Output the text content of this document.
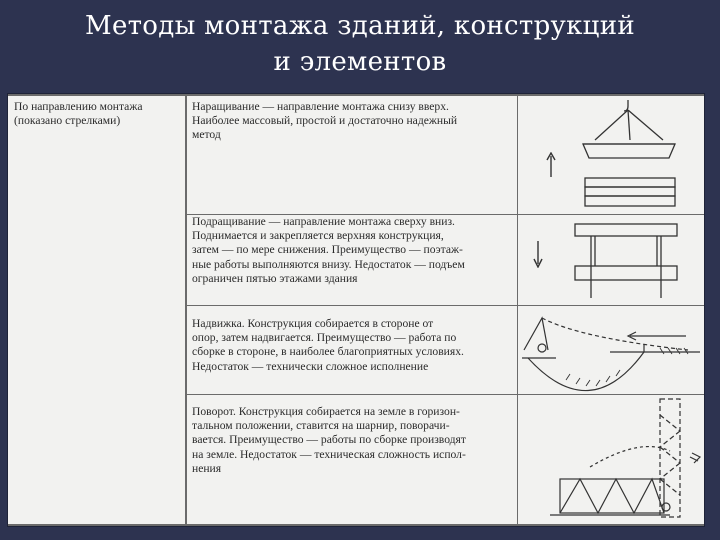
Методы монтажа зданий, конструкций
и элементов
По направлению монтажа
(показано стрелками)
Наращивание — направление монтажа снизу вверх.
Наиболее массовый, простой и достаточно надежный
метод
Подращивание — направление монтажа сверху вниз.
Поднимается и закрепляется верхняя конструкция,
затем — по мере снижения. Преимущество — поэтаж-
ные работы выполняются внизу. Недостаток — подъем
ограничен пятью этажами здания
Надвижка. Конструкция собирается в стороне от
опор, затем надвигается. Преимущество — работа по
сборке в стороне, в наиболее благоприятных условиях.
Недостаток — технически сложное исполнение
Поворот. Конструкция собирается на земле в горизон-
тальном положении, ставится на шарнир, поворачи-
вается. Преимущество — работы по сборке производят
на земле. Недостаток — техническая сложность испол-
нения
